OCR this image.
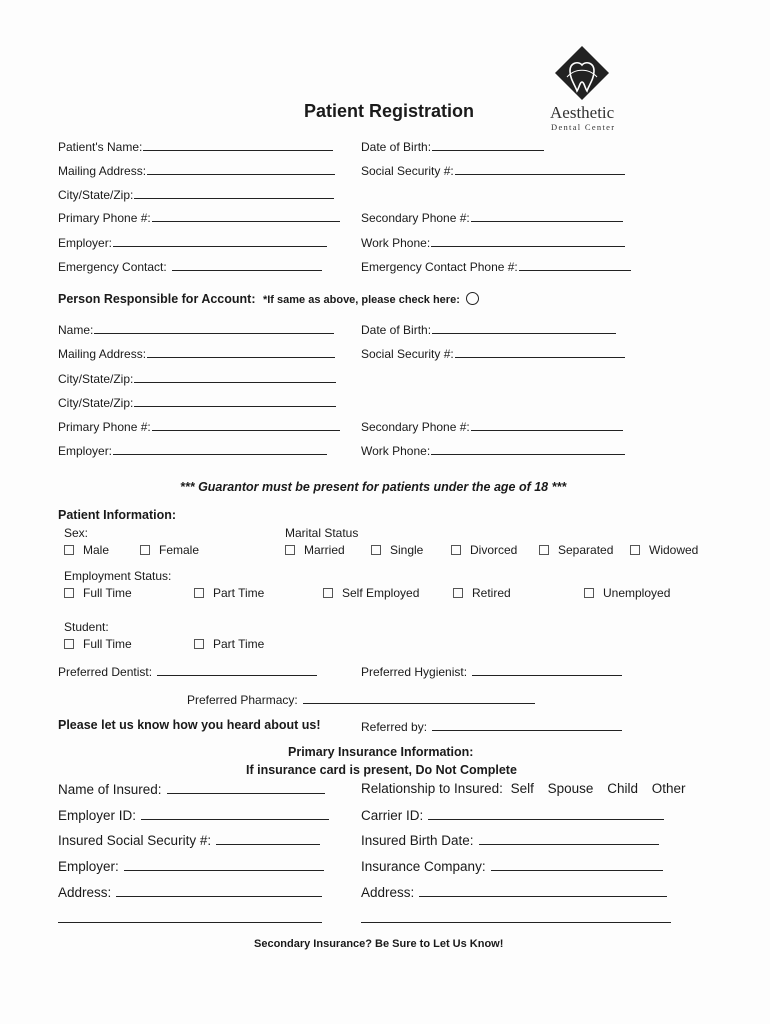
Patient Registration	Aesthetic
Dental Center
Patient's Name:	Date of Birth:
Mailing Address:	Social Security #:
City/State/Zip:
Primary Phone #:	Secondary Phone #:
Employer:	Work Phone:
Emergency Contact:	Emergency Contact Phone #:
Person Responsible for Account: *If same as above, please check here:
Name:	Date of Birth:
Mailing Address:	Social Security #:
City/State/Zip:
City/State/Zip:
Primary Phone #:	Secondary Phone #:
Employer:	Work Phone:
*** Guarantor must be present for patients under the age of 18 ***
Patient Information:
Sex:	Marital Status
Male	Female	Married	Single	Divorced	Separated	Widowed
Employment Status:
Full Time	Part Time	Self Employed	Retired	Unemployed
Student:
Full Time	Part Time
Preferred Dentist:	Preferred Hygienist:
Preferred Pharmacy:
Please let us know how you heard about us!	Referred by:
Primary Insurance Information:
If insurance card is present, Do Not Complete
Name of Insured:	Relationship to Insured: Self Spouse Child Other
Employer ID:	Carrier ID:
Insured Social Security #:	Insured Birth Date:
Employer:	Insurance Company:
Address:	Address:
Secondary Insurance? Be Sure to Let Us Know!
